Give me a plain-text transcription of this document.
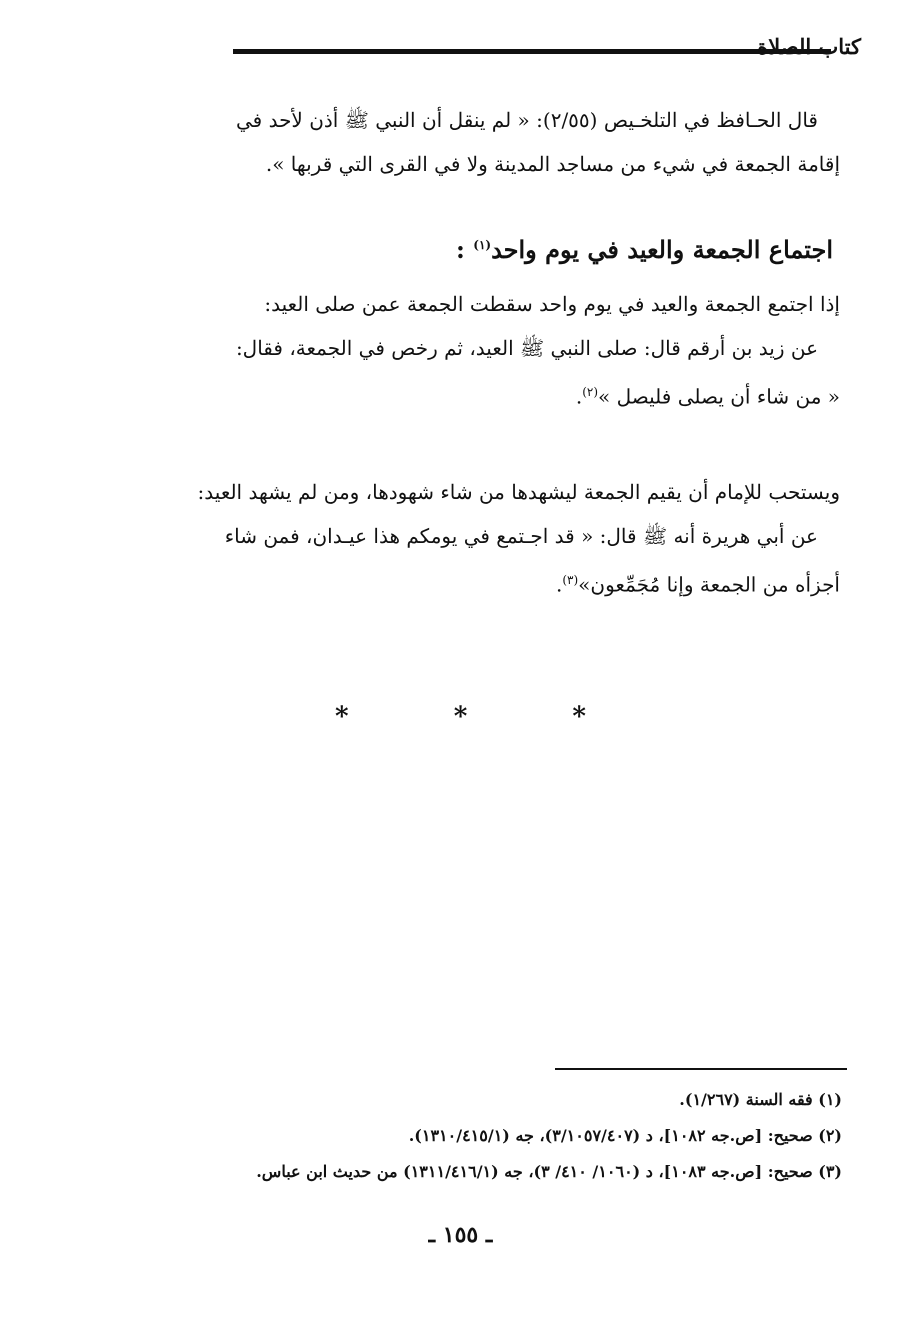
كتاب الصلاة

قال الحـافظ في التلخـيص (٢/٥٥): « لم ينقل أن النبي ﷺ أذن لأحد في

إقامة الجمعة في شيء من مساجد المدينة ولا في القرى التي قربها ».

اجتماع الجمعة والعيد في يوم واحد$^{(١)}$ :

إذا اجتمع الجمعة والعيد في يوم واحد سقطت الجمعة عمن صلى العيد:

عن زيد بن أرقم قال: صلى النبي ﷺ العيد، ثم رخص في الجمعة، فقال:

« من شاء أن يصلى فليصل »$^{(٢)}$.

ويستحب للإمام أن يقيم الجمعة ليشهدها من شاء شهودها، ومن لم يشهد العيد:

عن أبي هريرة أنه ﷺ قال: « قد اجـتمع في يومكم هذا عيـدان، فمن شاء

أجزأه من الجمعة وإنا مُجَمِّعون»$^{(٣)}$.

* * *

(١) فقه السنة (١/٢٦٧).

(٢) صحيح: [ص.جه ١٠٨٢]، د (٣/١٠٥٧/٤٠٧)، جه (١٣١٠/٤١٥/١).

(٣) صحيح: [ص.جه ١٠٨٣]، د (١٠٦٠/ ٤١٠/ ٣)، جه (١٣١١/٤١٦/١) من حديث ابن عباس.

ـ ١٥٥ ـ
